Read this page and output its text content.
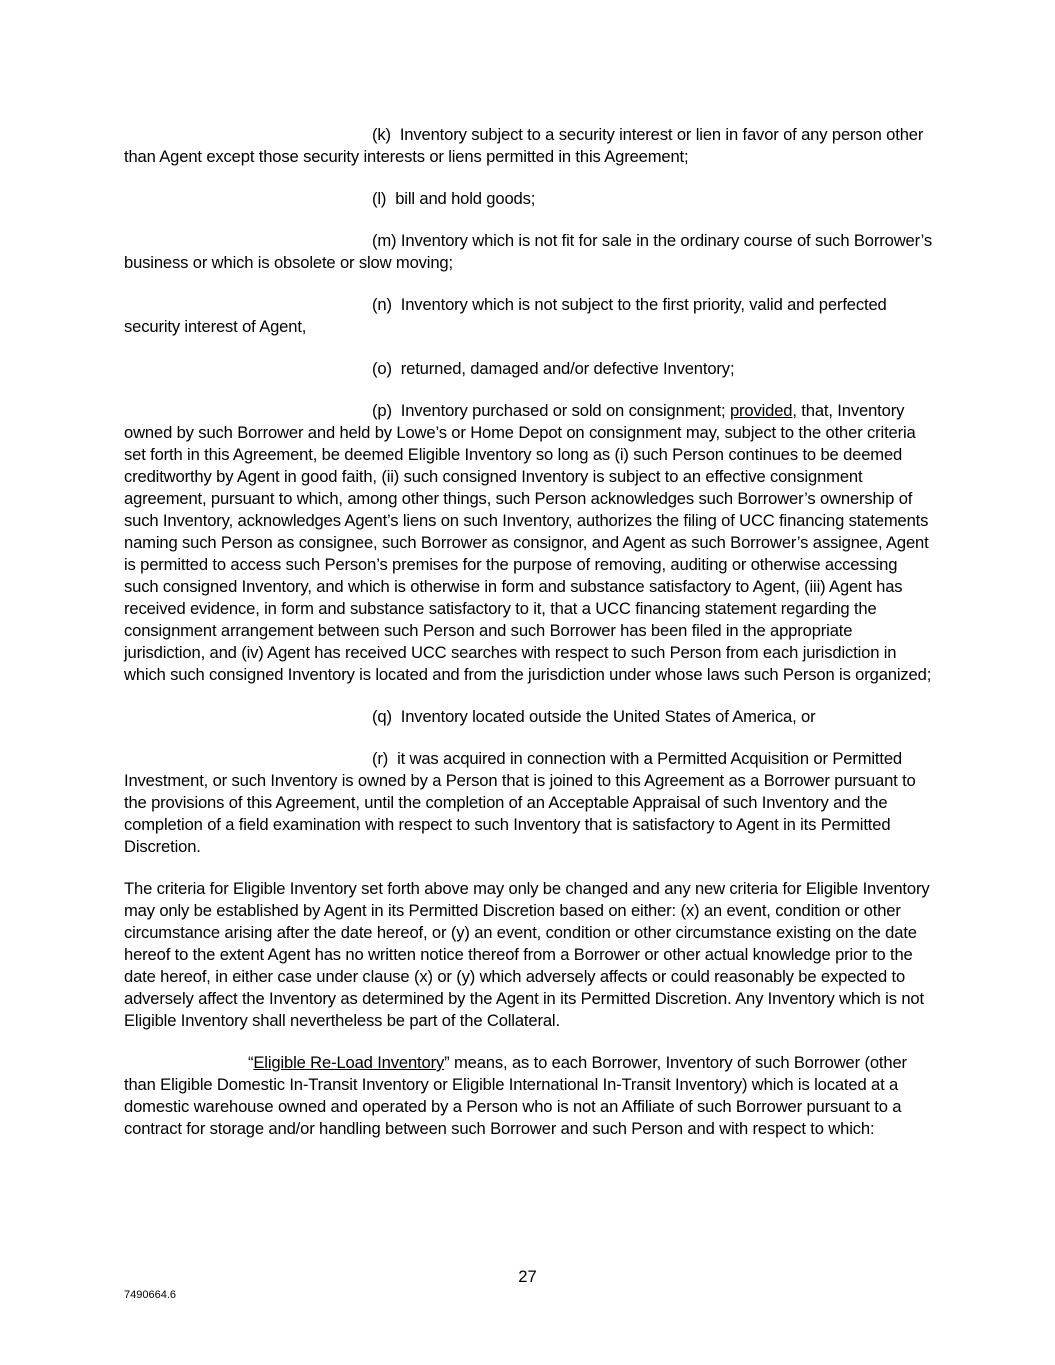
(k) Inventory subject to a security interest or lien in favor of any person other than Agent except those security interests or liens permitted in this Agreement;

(l) bill and hold goods;

(m) Inventory which is not fit for sale in the ordinary course of such Borrower’s business or which is obsolete or slow moving;

(n) Inventory which is not subject to the first priority, valid and perfected security interest of Agent,

(o) returned, damaged and/or defective Inventory;

(p) Inventory purchased or sold on consignment; provided, that, Inventory owned by such Borrower and held by Lowe’s or Home Depot on consignment may, subject to the other criteria set forth in this Agreement, be deemed Eligible Inventory so long as (i) such Person continues to be deemed creditworthy by Agent in good faith, (ii) such consigned Inventory is subject to an effective consignment agreement, pursuant to which, among other things, such Person acknowledges such Borrower’s ownership of such Inventory, acknowledges Agent’s liens on such Inventory, authorizes the filing of UCC financing statements naming such Person as consignee, such Borrower as consignor, and Agent as such Borrower’s assignee, Agent is permitted to access such Person’s premises for the purpose of removing, auditing or otherwise accessing such consigned Inventory, and which is otherwise in form and substance satisfactory to Agent, (iii) Agent has received evidence, in form and substance satisfactory to it, that a UCC financing statement regarding the consignment arrangement between such Person and such Borrower has been filed in the appropriate jurisdiction, and (iv) Agent has received UCC searches with respect to such Person from each jurisdiction in which such consigned Inventory is located and from the jurisdiction under whose laws such Person is organized;

(q) Inventory located outside the United States of America, or

(r) it was acquired in connection with a Permitted Acquisition or Permitted Investment, or such Inventory is owned by a Person that is joined to this Agreement as a Borrower pursuant to the provisions of this Agreement, until the completion of an Acceptable Appraisal of such Inventory and the completion of a field examination with respect to such Inventory that is satisfactory to Agent in its Permitted Discretion.

The criteria for Eligible Inventory set forth above may only be changed and any new criteria for Eligible Inventory may only be established by Agent in its Permitted Discretion based on either: (x) an event, condition or other circumstance arising after the date hereof, or (y) an event, condition or other circumstance existing on the date hereof to the extent Agent has no written notice thereof from a Borrower or other actual knowledge prior to the date hereof, in either case under clause (x) or (y) which adversely affects or could reasonably be expected to adversely affect the Inventory as determined by the Agent in its Permitted Discretion. Any Inventory which is not Eligible Inventory shall nevertheless be part of the Collateral.

“Eligible Re-Load Inventory” means, as to each Borrower, Inventory of such Borrower (other than Eligible Domestic In-Transit Inventory or Eligible International In-Transit Inventory) which is located at a domestic warehouse owned and operated by a Person who is not an Affiliate of such Borrower pursuant to a contract for storage and/or handling between such Borrower and such Person and with respect to which:

27
7490664.6
